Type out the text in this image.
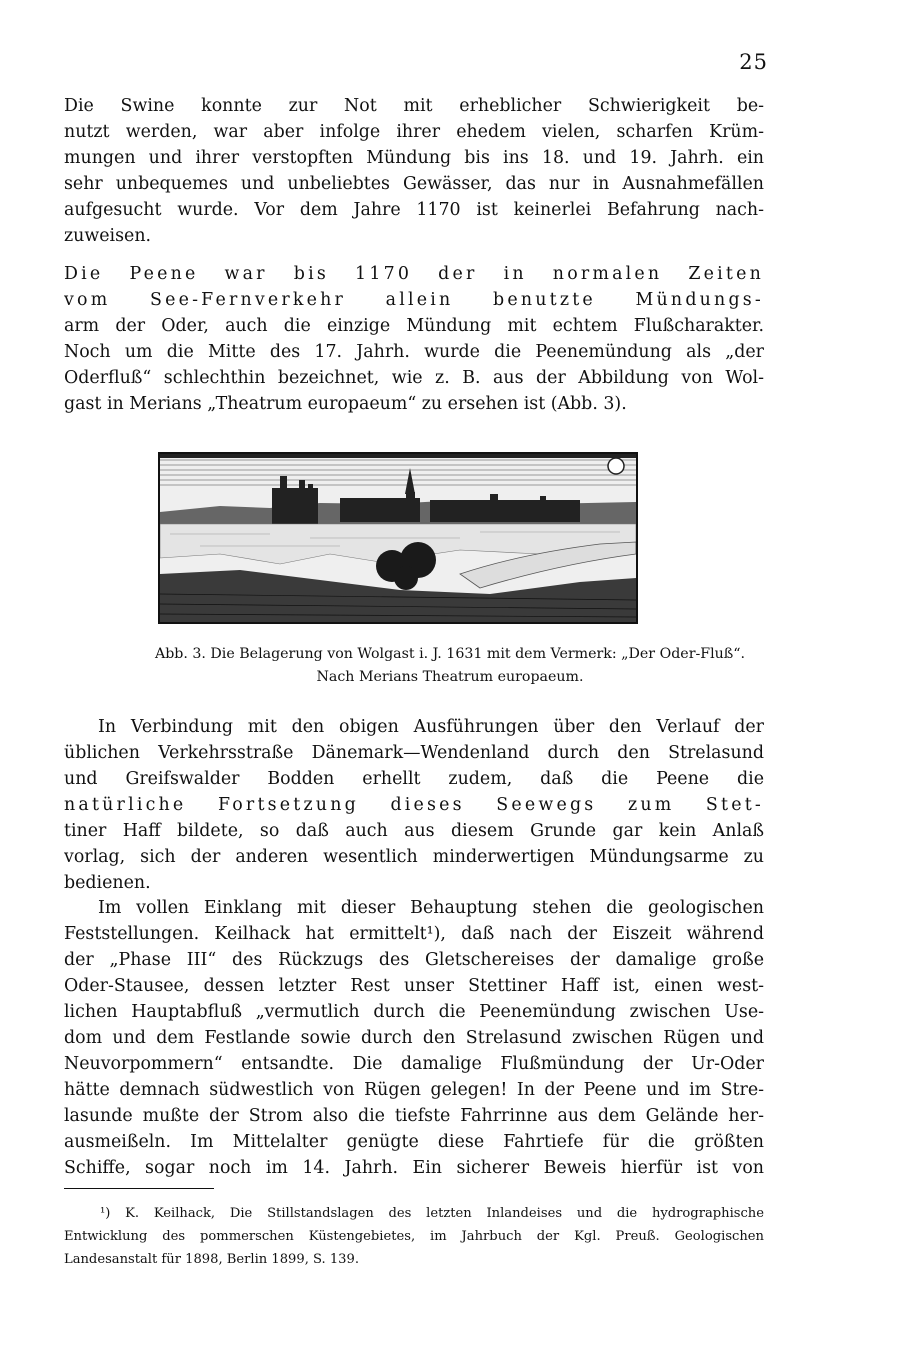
25
Die Swine konnte zur Not mit erheblicher Schwierigkeit be-
nutzt werden, war aber infolge ihrer ehedem vielen, scharfen Krüm-
mungen und ihrer verstopften Mündung bis ins 18. und 19. Jahrh. ein
sehr unbequemes und unbeliebtes Gewässer, das nur in Ausnahmefällen
aufgesucht wurde. Vor dem Jahre 1170 ist keinerlei Befahrung nach-
zuweisen.
Die Peene war bis 1170 der in normalen Zeiten
vom See-Fernverkehr allein benutzte Mündungs-
arm der Oder, auch die einzige Mündung mit echtem Flußcharakter.
Noch um die Mitte des 17. Jahrh. wurde die Peenemündung als „der
Oderfluß“ schlechthin bezeichnet, wie z. B. aus der Abbildung von Wol-
gast in Merians „Theatrum europaeum“ zu ersehen ist (Abb. 3).
Abb. 3. Die Belagerung von Wolgast i. J. 1631 mit dem Vermerk: „Der Oder-Fluß“.
Nach Merians Theatrum europaeum.
In Verbindung mit den obigen Ausführungen über den Verlauf der
üblichen Verkehrsstraße Dänemark—Wendenland durch den Strelasund
und Greifswalder Bodden erhellt zudem, daß die Peene die
natürliche Fortsetzung dieses Seewegs zum Stet-
tiner Haff bildete, so daß auch aus diesem Grunde gar kein Anlaß
vorlag, sich der anderen wesentlich minderwertigen Mündungsarme zu
bedienen.
Im vollen Einklang mit dieser Behauptung stehen die geologischen
Feststellungen. Keilhack hat ermittelt¹), daß nach der Eiszeit während
der „Phase III“ des Rückzugs des Gletschereises der damalige große
Oder-Stausee, dessen letzter Rest unser Stettiner Haff ist, einen west-
lichen Hauptabfluß „vermutlich durch die Peenemündung zwischen Use-
dom und dem Festlande sowie durch den Strelasund zwischen Rügen und
Neuvorpommern“ entsandte. Die damalige Flußmündung der Ur-Oder
hätte demnach südwestlich von Rügen gelegen! In der Peene und im Stre-
lasunde mußte der Strom also die tiefste Fahrrinne aus dem Gelände her-
ausmeißeln. Im Mittelalter genügte diese Fahrtiefe für die größten
Schiffe, sogar noch im 14. Jahrh. Ein sicherer Beweis hierfür ist von
¹) K. Keilhack, Die Stillstandslagen des letzten Inlandeises und die hydrographische
Entwicklung des pommerschen Küstengebietes, im Jahrbuch der Kgl. Preuß. Geologischen
Landesanstalt für 1898, Berlin 1899, S. 139.
